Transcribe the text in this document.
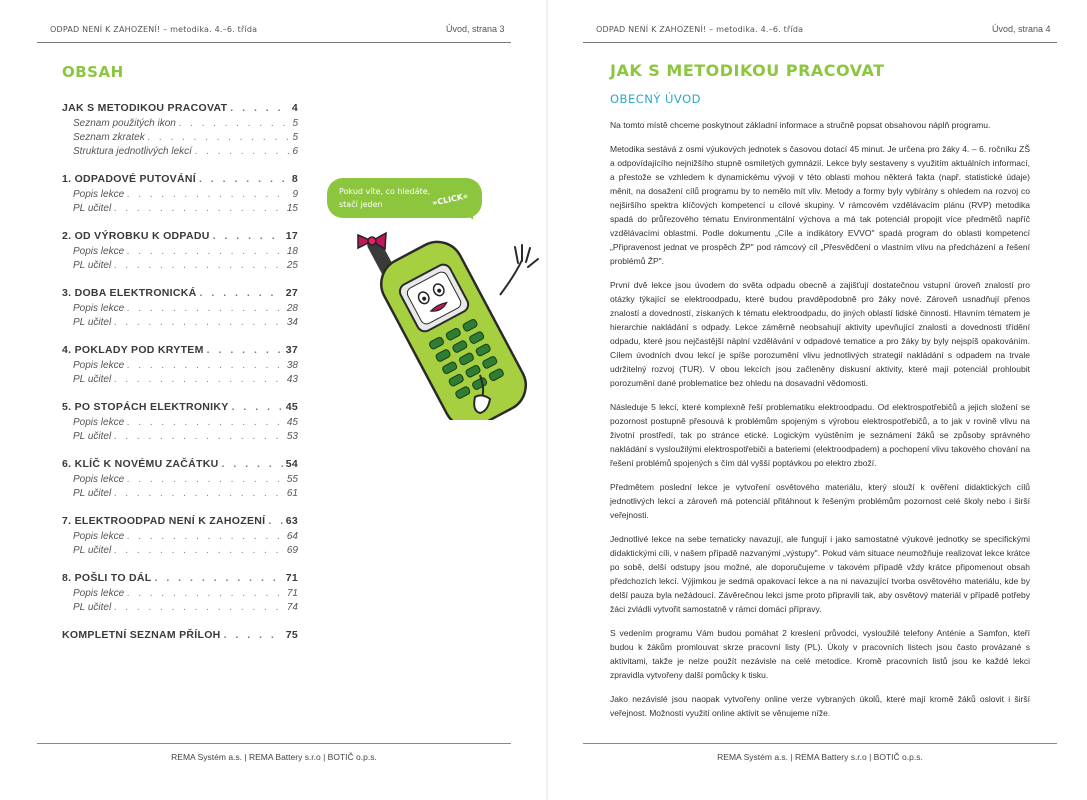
ODPAD NENÍ K ZAHOZENÍ! – metodika. 4.–6. třída	Úvod, strana 3
OBSAH
JAK S METODIKOU PRACOVAT . . .	4
Seznam použitých ikon . . .	5
Seznam zkratek . . .	5
Struktura jednotlivých lekcí . . .	6
1. ODPADOVÉ PUTOVÁNÍ . . .	8
Popis lekce . . .	9
PL učitel . . .	15
2. OD VÝROBKU K ODPADU . . .	17
Popis lekce . . .	18
PL učitel . . .	25
3. DOBA ELEKTRONICKÁ . . .	27
Popis lekce . . .	28
PL učitel . . .	34
4. POKLADY POD KRYTEM . . .	37
Popis lekce . . .	38
PL učitel . . .	43
5. PO STOPÁCH ELEKTRONIKY . . .	45
Popis lekce . . .	45
PL učitel . . .	53
6. KLÍČ K NOVÉMU ZAČÁTKU . . .	54
Popis lekce . . .	55
PL učitel . . .	61
7. ELEKTROODPAD NENÍ K ZAHOZENÍ . . . 63
Popis lekce . . .	64
PL učitel . . .	69
8. POŠLI TO DÁL . . .	71
Popis lekce . . .	71
PL učitel . . .	74
KOMPLETNÍ SEZNAM PŘÍLOH . . .	75
Pokud víte, co hledáte,
stačí jeden	»CLICK«
REMA Systém a.s. | REMA Battery s.r.o | BOTIČ o.p.s.
ODPAD NENÍ K ZAHOZENÍ! – metodika. 4.–6. třída	Úvod, strana 4
JAK S METODIKOU PRACOVAT
OBECNÝ ÚVOD

Na tomto místě chceme poskytnout základní informace a stručně popsat obsahovou náplň programu.

Metodika sestává z osmi výukových jednotek s časovou dotací 45 minut. Je určena pro žáky 4. – 6. ročníku ZŠ a odpovídajícího nejnižšího stupně osmiletých gymnázií. Lekce byly sestaveny s využitím aktuálních informací, a přestože se vzhledem k dynamickému vývoji v této oblasti mohou některá fakta (např. statistické údaje) měnit, na dosažení cílů programu by to nemělo mít vliv. Metody a formy byly vybírány s ohledem na rozvoj co nejširšího spektra klíčových kompetencí u cílové skupiny. V rámcovém vzdělávacím plánu (RVP) metodika spadá do průřezového tématu Environmentální výchova a má tak potenciál propojit více předmětů napříč vzdělávacími oblastmi. Podle dokumentu „Cíle a indikátory EVVO" spadá program do oblasti kompetencí „Připravenost jednat ve prospěch ŽP" pod rámcový cíl „Přesvědčení o vlastním vlivu na předcházení a řešení problémů ŽP".

První dvě lekce jsou úvodem do světa odpadu obecně a zajišťují dostatečnou vstupní úroveň znalostí pro otázky týkající se elektroodpadu, které budou pravděpodobně pro žáky nové. Zároveň usnadňují přenos znalostí a dovedností, získaných k tématu elektroodpadu, do jiných oblastí lidské činnosti. Hlavním tématem je hierarchie nakládání s odpady. Lekce záměrně neobsahují aktivity upevňující znalosti a dovednosti třídění odpadu, které jsou nejčastější náplní vzdělávání v odpadové tematice a pro žáky by byly nejspíš opakováním. Cílem úvodních dvou lekcí je spíše porozumění vlivu jednotlivých strategií nakládání s odpadem na trvale udržitelný rozvoj (TUR). V obou lekcích jsou začleněny diskusní aktivity, které mají potenciál prohloubit porozumění dané problematice bez ohledu na dosavadní vědomosti.

Následuje 5 lekcí, které komplexně řeší problematiku elektroodpadu. Od elektrospotřebičů a jejich složení se pozornost postupně přesouvá k problémům spojeným s výrobou elektrospotřebičů, a to jak v rovině vlivu na životní prostředí, tak po stránce etické. Logickým vyústěním je seznámení žáků se způsoby správného nakládání s vysloužilými elektrospotřebiči a bateriemi (elektroodpadem) a pochopení vlivu takového chování na řešení problémů spojených s čím dál vyšší poptávkou po elektro zboží.

Předmětem poslední lekce je vytvoření osvětového materiálu, který slouží k ověření didaktických cílů jednotlivých lekcí a zároveň má potenciál přitáhnout k řešeným problémům pozornost celé školy nebo i širší veřejnosti.

Jednotlivé lekce na sebe tematicky navazují, ale fungují i jako samostatné výukové jednotky se specifickými didaktickými cíli, v našem případě nazvanými „výstupy". Pokud vám situace neumožňuje realizovat lekce krátce po sobě, delší odstupy jsou možné, ale doporučujeme v takovém případě vždy krátce připomenout obsah předchozích lekcí. Výjimkou je sedmá opakovací lekce a na ni navazující tvorba osvětového materiálu, kde by delší pauza byla nežádoucí. Závěrečnou lekci jsme proto připravili tak, aby osvětový materiál v případě potřeby žáci zvládli vytvořit samostatně v rámci domácí přípravy.

S vedením programu Vám budou pomáhat 2 kreslení průvodci, vysloužilé telefony Anténie a Samfon, kteří budou k žákům promlouvat skrze pracovní listy (PL). Úkoly v pracovních listech jsou často provázané s aktivitami, takže je nelze použít nezávisle na celé metodice. Kromě pracovních listů jsou ke každé lekci zpravidla vytvořeny další pomůcky k tisku.

Jako nezávislé jsou naopak vytvořeny online verze vybraných úkolů, které mají kromě žáků oslovit i širší veřejnost. Možnosti využití online aktivit se věnujeme níže.

REMA Systém a.s. | REMA Battery s.r.o | BOTIČ o.p.s.
